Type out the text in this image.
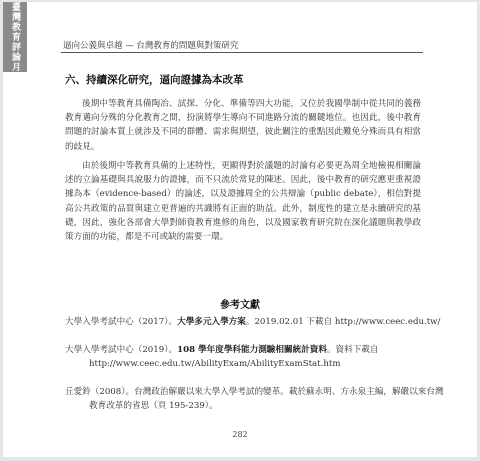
臺灣教育評論月
逼向公義與卓越 — 台灣教育的問題與對策研究
六、持續深化研究，逼向證據為本改革

後期中等教育具備陶冶、試探、分化、準備等四大功能，又位於我國學制中從共同的義務教育邁向分殊的分化教育之間，扮演將學生導向不同進路分流的關鍵地位。也因此，後中教育問題的討論本質上就涉及不同的群體、需求與期望，彼此關注的重點因此難免分殊而具有相當的歧見。

由於後期中等教育具備的上述特性，更顯得對於議題的討論有必要更為周全地檢視相關論述的立論基礎與具說服力的證據，而不只流於常見的陳述。因此，後中教育的研究應更重視證據為本（evidence-based）的論述，以及證據周全的公共辯論（public debate），相信對提高公共政策的品質與建立更普遍的共識將有正面的助益。此外，制度性的建立是永續研究的基礎，因此，強化各部會大學對師資教育進修的角色，以及國家教育研究院在深化議題與教學政策方面的功能，都是不可或缺的需要一環。

參考文獻

大學入學考試中心（2017）。大學多元入學方案。2019.02.01 下載自 http://www.ceec.edu.tw/

大學入學考試中心（2019）。108 學年度學科能力測驗相關統計資料。資料下載自 http://www.ceec.edu.tw/AbilityExam/AbilityExamStat.htm

丘愛鈴（2008）。台灣政治解嚴以來大學入學考試的變革。載於蘇永明、方永泉主編，解嚴以來台灣教育改革的省思（頁 195-239）。

282
